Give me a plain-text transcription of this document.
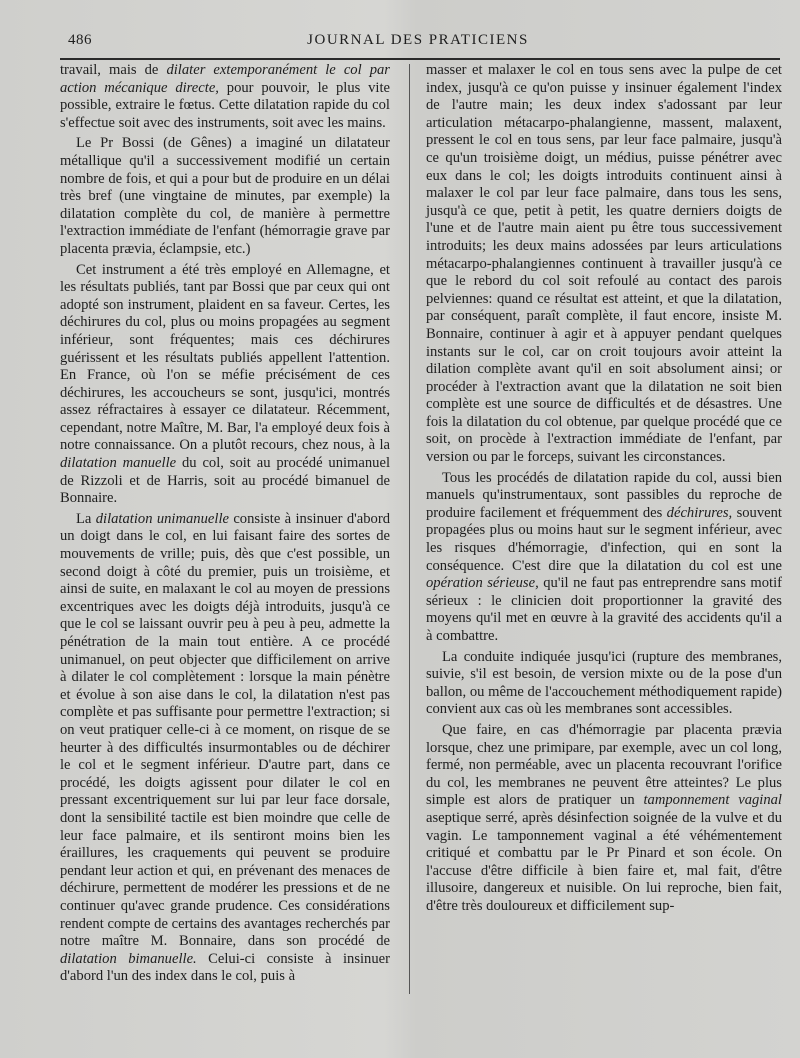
486	JOURNAL DES PRATICIENS

travail, mais de dilater extemporanément le col par action mécanique directe, pour pouvoir, le plus vite possible, extraire le fœtus. Cette dilatation rapide du col s'effectue soit avec des instruments, soit avec les mains.

Le Pr Bossi (de Gênes) a imaginé un dilatateur métallique qu'il a successivement modifié un certain nombre de fois, et qui a pour but de produire en un délai très bref (une vingtaine de minutes, par exemple) la dilatation complète du col, de manière à permettre l'extraction immédiate de l'enfant (hémorragie grave par placenta prævia, éclampsie, etc.)

Cet instrument a été très employé en Allemagne, et les résultats publiés, tant par Bossi que par ceux qui ont adopté son instrument, plaident en sa faveur. Certes, les déchirures du col, plus ou moins propagées au segment inférieur, sont fréquentes; mais ces déchirures guérissent et les résultats publiés appellent l'attention. En France, où l'on se méfie précisément de ces déchirures, les accoucheurs se sont, jusqu'ici, montrés assez réfractaires à essayer ce dilatateur. Récemment, cependant, notre Maître, M. Bar, l'a employé deux fois à notre connaissance. On a plutôt recours, chez nous, à la dilatation manuelle du col, soit au procédé unimanuel de Rizzoli et de Harris, soit au procédé bimanuel de Bonnaire.

La dilatation unimanuelle consiste à insinuer d'abord un doigt dans le col, en lui faisant faire des sortes de mouvements de vrille; puis, dès que c'est possible, un second doigt à côté du premier, puis un troisième, et ainsi de suite, en malaxant le col au moyen de pressions excentriques avec les doigts déjà introduits, jusqu'à ce que le col se laissant ouvrir peu à peu à peu, admette la pénétration de la main tout entière. A ce procédé unimanuel, on peut objecter que difficilement on arrive à dilater le col complètement : lorsque la main pénètre et évolue à son aise dans le col, la dilatation n'est pas complète et pas suffisante pour permettre l'extraction; si on veut pratiquer celle-ci à ce moment, on risque de se heurter à des difficultés insurmontables ou de déchirer le col et le segment inférieur. D'autre part, dans ce procédé, les doigts agissent pour dilater le col en pressant excentriquement sur lui par leur face dorsale, dont la sensibilité tactile est bien moindre que celle de leur face palmaire, et ils sentiront moins bien les éraillures, les craquements qui peuvent se produire pendant leur action et qui, en prévenant des menaces de déchirure, permettent de modérer les pressions et de ne continuer qu'avec grande prudence. Ces considérations rendent compte de certains des avantages recherchés par notre maître M. Bonnaire, dans son procédé de dilatation bimanuelle. Celui-ci consiste à insinuer d'abord l'un des index dans le col, puis à

masser et malaxer le col en tous sens avec la pulpe de cet index, jusqu'à ce qu'on puisse y insinuer également l'index de l'autre main; les deux index s'adossant par leur articulation métacarpo-phalangienne, massent, malaxent, pressent le col en tous sens, par leur face palmaire, jusqu'à ce qu'un troisième doigt, un médius, puisse pénétrer avec eux dans le col; les doigts introduits continuent ainsi à malaxer le col par leur face palmaire, dans tous les sens, jusqu'à ce que, petit à petit, les quatre derniers doigts de l'une et de l'autre main aient pu être tous successivement introduits; les deux mains adossées par leurs articulations métacarpo-phalangiennes continuent à travailler jusqu'à ce que le rebord du col soit refoulé au contact des parois pelviennes: quand ce résultat est atteint, et que la dilatation, par conséquent, paraît complète, il faut encore, insiste M. Bonnaire, continuer à agir et à appuyer pendant quelques instants sur le col, car on croit toujours avoir atteint la dilation complète avant qu'il en soit absolument ainsi; or procéder à l'extraction avant que la dilatation ne soit bien complète est une source de difficultés et de désastres. Une fois la dilatation du col obtenue, par quelque procédé que ce soit, on procède à l'extraction immédiate de l'enfant, par version ou par le forceps, suivant les circonstances.

Tous les procédés de dilatation rapide du col, aussi bien manuels qu'instrumentaux, sont passibles du reproche de produire facilement et fréquemment des déchirures, souvent propagées plus ou moins haut sur le segment inférieur, avec les risques d'hémorragie, d'infection, qui en sont la conséquence. C'est dire que la dilatation du col est une opération sérieuse, qu'il ne faut pas entreprendre sans motif sérieux : le clinicien doit proportionner la gravité des moyens qu'il met en œuvre à la gravité des accidents qu'il a à combattre.

La conduite indiquée jusqu'ici (rupture des membranes, suivie, s'il est besoin, de version mixte ou de la pose d'un ballon, ou même de l'accouchement méthodiquement rapide) convient aux cas où les membranes sont accessibles.

Que faire, en cas d'hémorragie par placenta prævia lorsque, chez une primipare, par exemple, avec un col long, fermé, non perméable, avec un placenta recouvrant l'orifice du col, les membranes ne peuvent être atteintes? Le plus simple est alors de pratiquer un tamponnement vaginal aseptique serré, après désinfection soignée de la vulve et du vagin. Le tamponnement vaginal a été véhémentement critiqué et combattu par le Pr Pinard et son école. On l'accuse d'être difficile à bien faire et, mal fait, d'être illusoire, dangereux et nuisible. On lui reproche, bien fait, d'être très douloureux et difficilement sup-
